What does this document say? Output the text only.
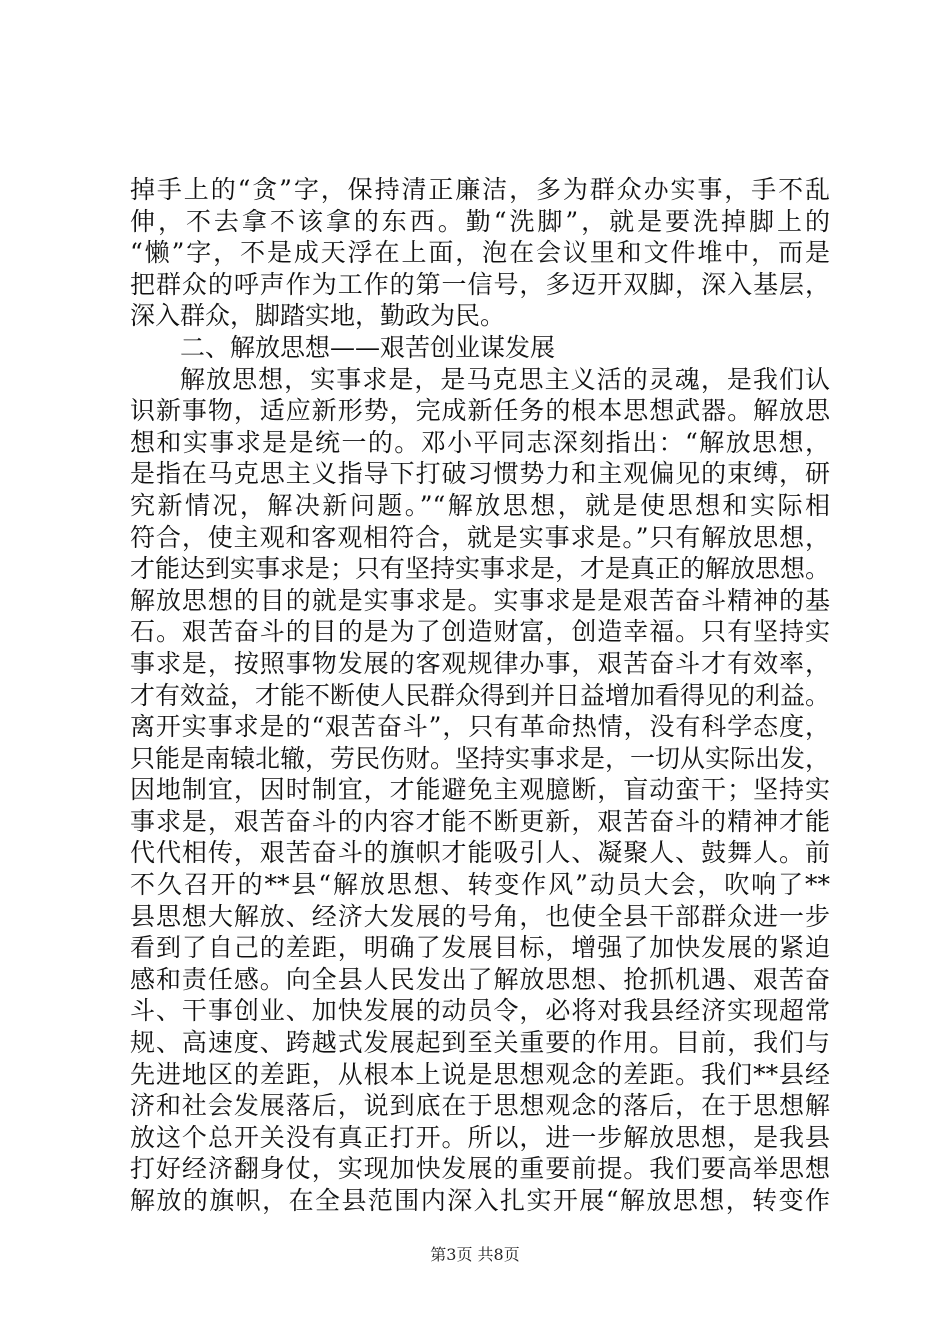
掉手上的“贪”字，保持清正廉洁，多为群众办实事，手不乱
伸，不去拿不该拿的东西。勤“洗脚”，就是要洗掉脚上的
“懒”字，不是成天浮在上面，泡在会议里和文件堆中，而是
把群众的呼声作为工作的第一信号，多迈开双脚，深入基层，
深入群众，脚踏实地，勤政为民。
二、解放思想——艰苦创业谋发展
解放思想，实事求是，是马克思主义活的灵魂，是我们认
识新事物，适应新形势，完成新任务的根本思想武器。解放思
想和实事求是是统一的。邓小平同志深刻指出：“解放思想，
是指在马克思主义指导下打破习惯势力和主观偏见的束缚，研
究新情况，解决新问题。”“解放思想，就是使思想和实际相
符合，使主观和客观相符合，就是实事求是。”只有解放思想，
才能达到实事求是；只有坚持实事求是，才是真正的解放思想。
解放思想的目的就是实事求是。实事求是是艰苦奋斗精神的基
石。艰苦奋斗的目的是为了创造财富，创造幸福。只有坚持实
事求是，按照事物发展的客观规律办事，艰苦奋斗才有效率，
才有效益，才能不断使人民群众得到并日益增加看得见的利益。
离开实事求是的“艰苦奋斗”，只有革命热情，没有科学态度，
只能是南辕北辙，劳民伤财。坚持实事求是，一切从实际出发，
因地制宜，因时制宜，才能避免主观臆断，盲动蛮干；坚持实
事求是，艰苦奋斗的内容才能不断更新，艰苦奋斗的精神才能
代代相传，艰苦奋斗的旗帜才能吸引人、凝聚人、鼓舞人。前
不久召开的**县“解放思想、转变作风”动员大会，吹响了**
县思想大解放、经济大发展的号角，也使全县干部群众进一步
看到了自己的差距，明确了发展目标，增强了加快发展的紧迫
感和责任感。向全县人民发出了解放思想、抢抓机遇、艰苦奋
斗、干事创业、加快发展的动员令，必将对我县经济实现超常
规、高速度、跨越式发展起到至关重要的作用。目前，我们与
先进地区的差距，从根本上说是思想观念的差距。我们**县经
济和社会发展落后，说到底在于思想观念的落后，在于思想解
放这个总开关没有真正打开。所以，进一步解放思想，是我县
打好经济翻身仗，实现加快发展的重要前提。我们要高举思想
解放的旗帜，在全县范围内深入扎实开展“解放思想，转变作
第3页 共8页
